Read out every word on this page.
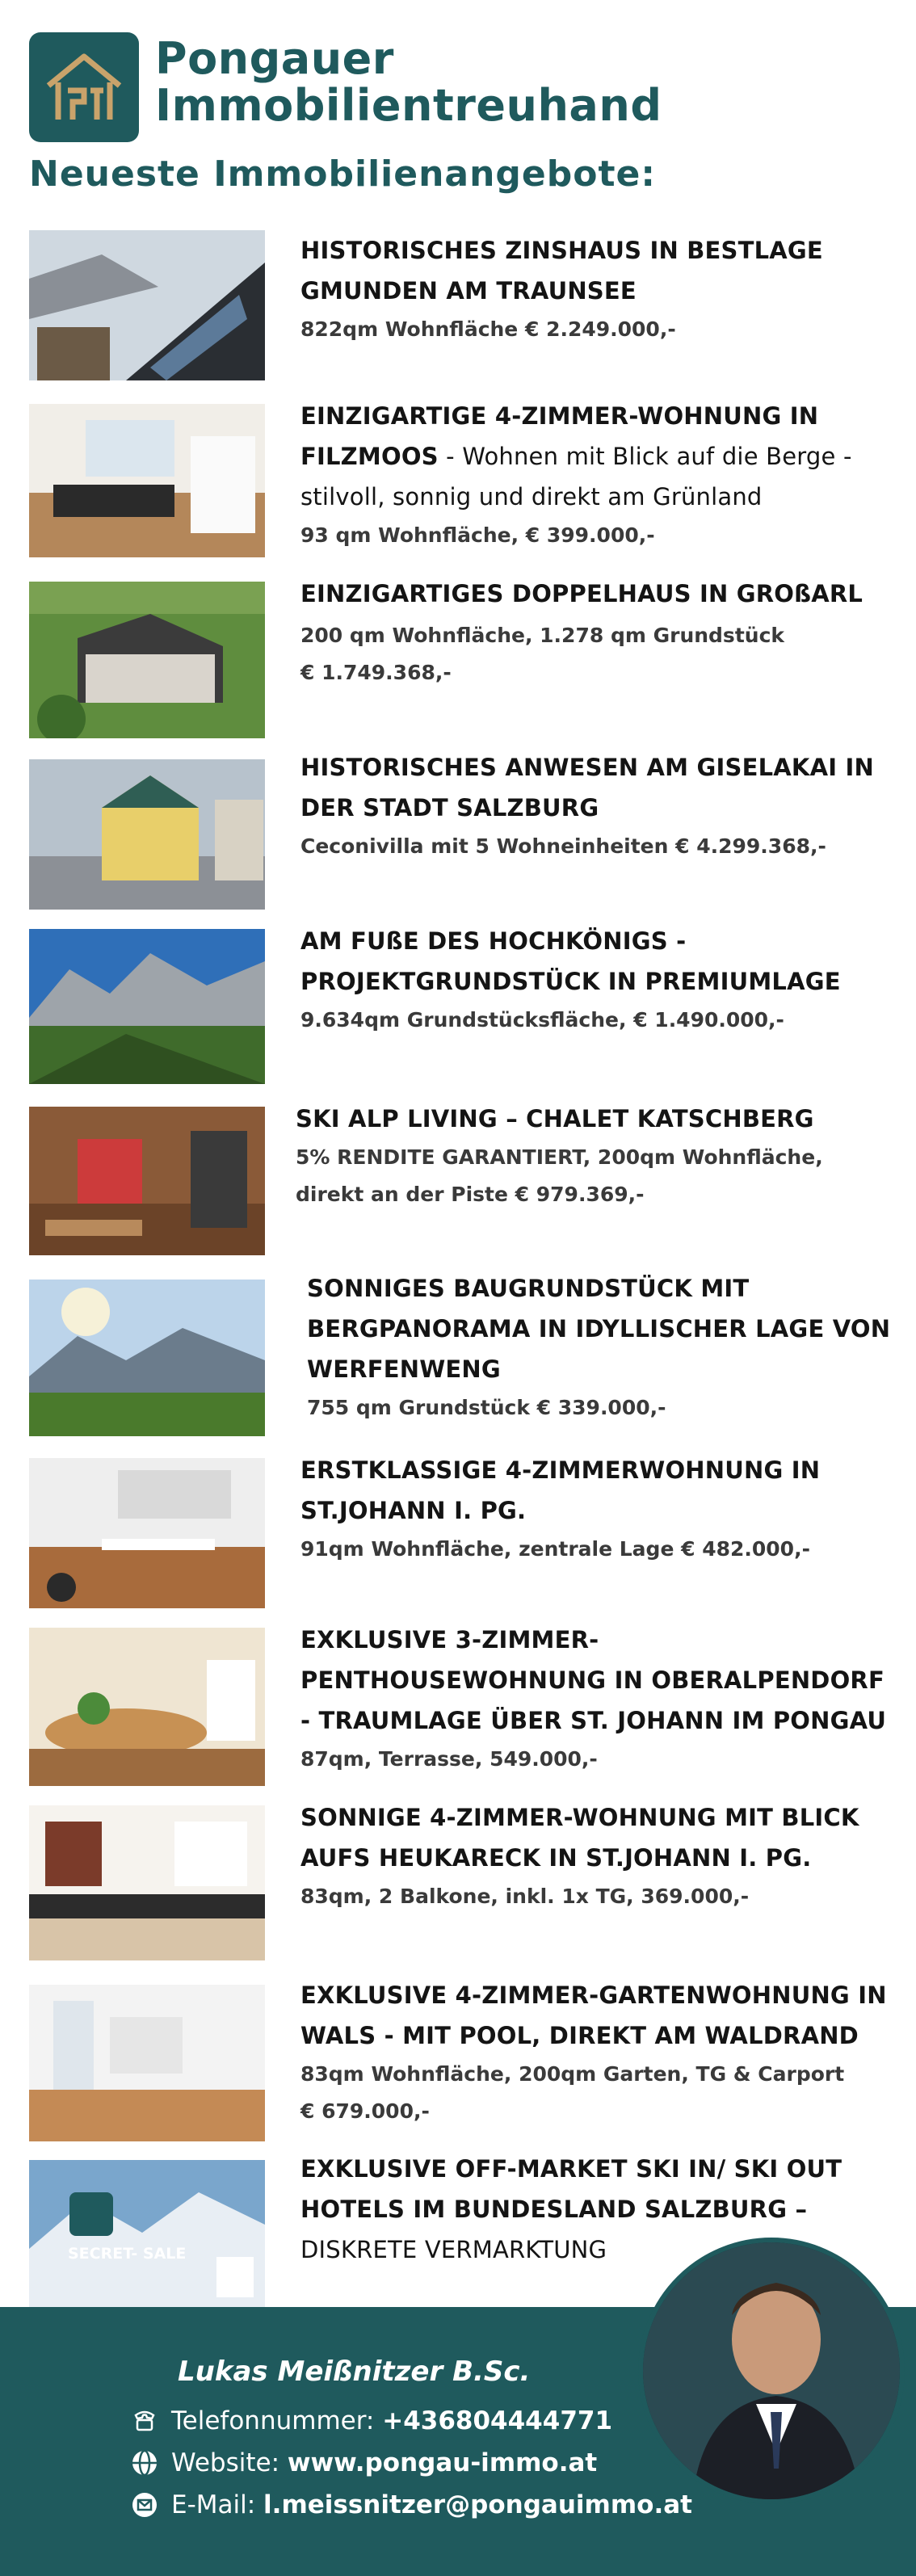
Pongauer
Immobilientreuhand
Neueste Immobilienangebote:
HISTORISCHES ZINSHAUS IN BESTLAGE GMUNDEN AM TRAUNSEE
822qm Wohnfläche € 2.249.000,-
EINZIGARTIGE 4-ZIMMER-WOHNUNG IN FILZMOOS - Wohnen mit Blick auf die Berge - stilvoll, sonnig und direkt am Grünland
93 qm Wohnfläche, € 399.000,-
EINZIGARTIGES DOPPELHAUS IN GROßARL
200 qm Wohnfläche, 1.278 qm Grundstück
€ 1.749.368,-
HISTORISCHES ANWESEN AM GISELAKAI IN DER STADT SALZBURG
Ceconivilla mit 5 Wohneinheiten € 4.299.368,-
AM FUßE DES HOCHKÖNIGS - PROJEKTGRUNDSTÜCK IN PREMIUMLAGE
9.634qm Grundstücksfläche, € 1.490.000,-
SKI ALP LIVING – CHALET KATSCHBERG
5% RENDITE GARANTIERT, 200qm Wohnfläche,
direkt an der Piste € 979.369,-
SONNIGES BAUGRUNDSTÜCK MIT BERGPANORAMA IN IDYLLISCHER LAGE VON WERFENWENG
755 qm Grundstück € 339.000,-
ERSTKLASSIGE 4-ZIMMERWOHNUNG IN ST.JOHANN I. PG.
91qm Wohnfläche, zentrale Lage € 482.000,-
EXKLUSIVE 3-ZIMMER-PENTHOUSEWOHNUNG IN OBERALPENDORF - TRAUMLAGE ÜBER ST. JOHANN IM PONGAU
87qm, Terrasse, 549.000,-
SONNIGE 4-ZIMMER-WOHNUNG MIT BLICK AUFS HEUKARECK IN ST.JOHANN I. PG.
83qm, 2 Balkone, inkl. 1x TG, 369.000,-
EXKLUSIVE 4-ZIMMER-GARTENWOHNUNG IN WALS - MIT POOL, DIREKT AM WALDRAND
83qm Wohnfläche, 200qm Garten, TG & Carport
€ 679.000,-
SECRET- SALE
EXKLUSIVE OFF-MARKET SKI IN/ SKI OUT HOTELS IM BUNDESLAND SALZBURG – DISKRETE VERMARKTUNG
Lukas Meißnitzer B.Sc.
Telefonnummer: +436804444771
Website: www.pongau-immo.at
E-Mail: l.meissnitzer@pongauimmo.at
